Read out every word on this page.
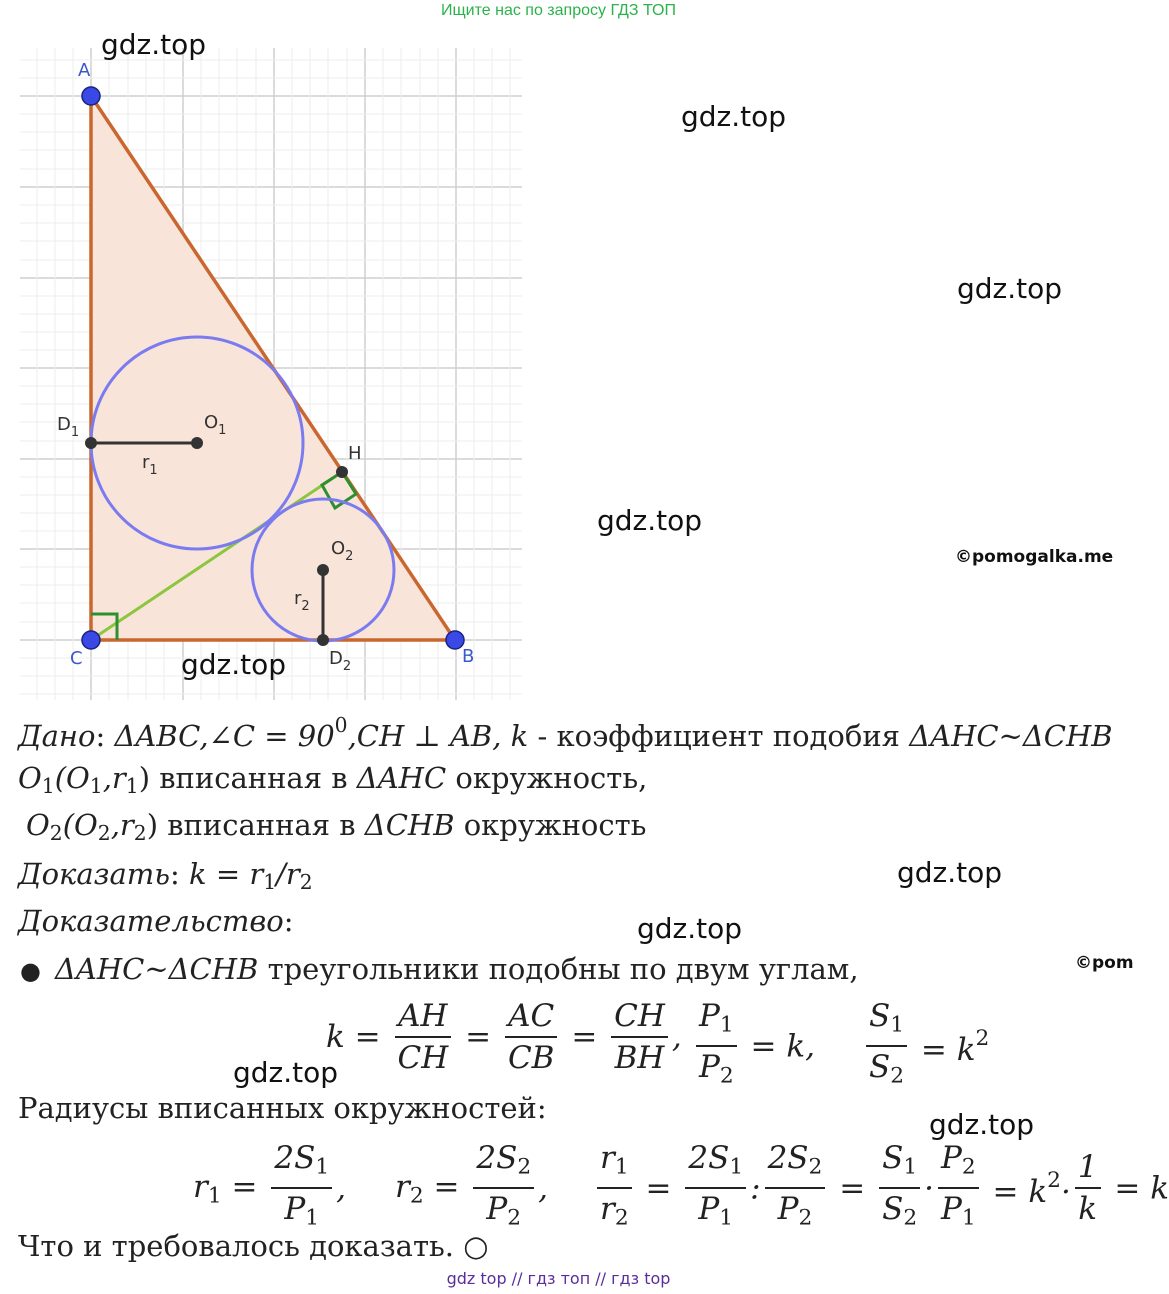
Ищите нас по запросу ГДЗ ТОП
A
B
C
H
$D_1$	$O_1$
$r_1$
$O_2$
$r_2$
$D_2$
gdz.top
gdz.top
gdz.top
gdz.top
gdz.top
gdz.top
gdz.top
gdz.top
gdz.top
©pomogalka.me
©pom
Дано: ΔABC,∠C = $90^0,CH$ ⊥ AB, k - коэффициент подобия ΔAHC~ΔCHB
$O_1(O_1,r_1)$ вписанная в ΔAHC окружность,
$O_2(O_2,r_2)$ вписанная в ΔCHB окружность
Доказать: $k = r_1/r_2$
Доказательство:
● ΔAHC~ΔCHB треугольники подобны по двум углам,
$k = \frac{AH}{CH} = \frac{AC}{CB} = \frac{CH}{BH}$ , $\frac{P_1}{P_2} = k$, $\frac{S_1}{S_2} = k^2$
Радиусы вписанных окружностей:
$r_1 = \frac{2S_1}{P_1}$ , $r_2 = \frac{2S_2}{P_2}$ , $\frac{r_1}{r_2} = \frac{2S_1}{P_1}$ : $\frac{2S_2}{P_2} = \frac{S_1}{S_2} \cdot \frac{P_2}{P_1} = k^2\cdot \frac{1}{k} = k$
Что и требовалось доказать. ○
gdz top // гдз топ // гдз top
